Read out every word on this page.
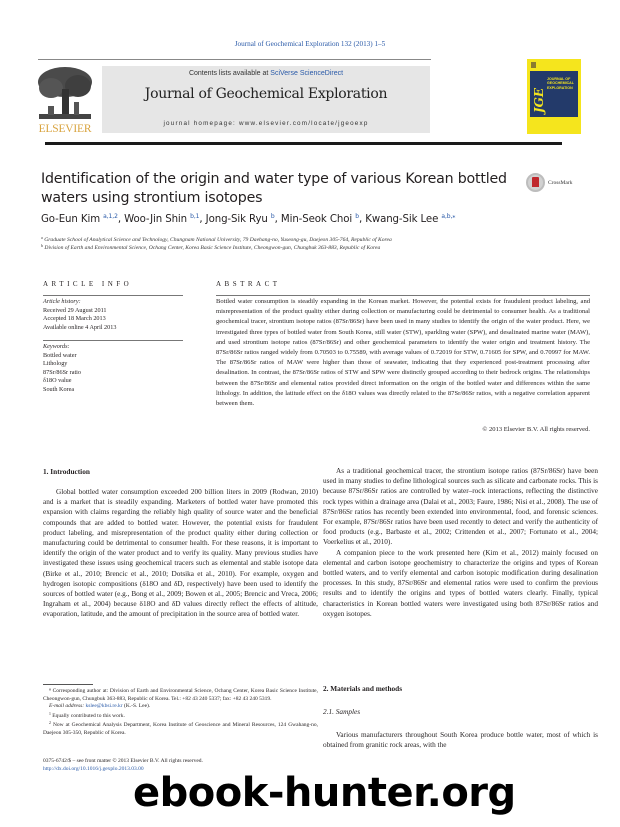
Journal of Geochemical Exploration 132 (2013) 1–5
ELSEVIER
Contents lists available at SciVerse ScienceDirect
Journal of Geochemical Exploration
journal homepage: www.elsevier.com/locate/jgeoexp
JGE
JOURNAL OF
GEOCHEMICAL
EXPLORATION
Identification of the origin and water type of various Korean bottled
waters using strontium isotopes
CrossMark
Go-Eun Kim $^{a,1,2}$, Woo-Jin Shin $^{b,1}$, Jong-Sik Ryu $^b$, Min-Seok Choi $^b$, Kwang-Sik Lee $^{a,b,⁎}$
$^a$ Graduate School of Analytical Science and Technology, Chungnam National University, 79 Daehang-no, Yuseong-gu, Daejeon 305-764, Republic of Korea
$^b$ Division of Earth and Environmental Science, Ochang Center, Korea Basic Science Institute, Cheongwon-gun, Chungbuk 363-883, Republic of Korea
ARTICLE INFO
Article history:
Received 29 August 2011
Accepted 18 March 2013
Available online 4 April 2013
Keywords:
Bottled water
Lithology
87Sr/86Sr ratio
δ18O value
South Korea
ABSTRACT
Bottled water consumption is steadily expanding in the Korean market. However, the potential exists for fraudulent product labeling, and misrepresentation of the product quality either during collection or manufacturing could be detrimental to consumer health. As a traditional geochemical tracer, strontium isotope ratios (87Sr/86Sr) have been used in many studies to identify the origin of the water product. Here, we investigated three types of bottled water from South Korea, still water (STW), sparkling water (SPW), and desalinated marine water (MAW), and used strontium isotope ratios (87Sr/86Sr) and other geochemical parameters to identify the water origin and treatment history. The 87Sr/86Sr ratios ranged widely from 0.70503 to 0.75589, with average values of 0.72019 for STW, 0.71605 for SPW, and 0.70997 for MAW. The 87Sr/86Sr ratios of MAW were higher than those of seawater, indicating that they experienced post-treatment processing after desalination. In contrast, the 87Sr/86Sr ratios of STW and SPW were distinctly grouped according to their bedrock origins. The relationships between the 87Sr/86Sr and elemental ratios provided direct information on the origin of the bottled water and differences within the same lithology. In addition, the latitude effect on the δ18O values was directly related to the 87Sr/86Sr ratios, with a negative correlation apparent between them.
© 2013 Elsevier B.V. All rights reserved.
1. Introduction

Global bottled water consumption exceeded 200 billion liters in 2009 (Rodwan, 2010) and is a market that is steadily expanding. Marketers of bottled water have promoted this expansion with claims regarding the reliably high quality of source water and the beneficial compounds that are added to bottled water. However, the potential exists for fraudulent product labeling, and misrepresentation of the product quality either during collection or manufacturing could be detrimental to consumer health. For these reasons, it is important to identify the origin of the water product and to verify its quality. Many previous studies have investigated these issues using geochemical tracers such as elemental and stable isotope data (Birke et al., 2010; Brencic et al., 2010; Dotsika et al., 2010). For example, oxygen and hydrogen isotopic compositions (δ18O and δD, respectively) have been used to identify the sources of bottled water (e.g., Bong et al., 2009; Bowen et al., 2005; Brencic and Vreca, 2006; Ingraham et al., 2004) because δ18O and δD values directly reflect the effects of altitude, evaporation, latitude, and the amount of precipitation in the source area of bottled water.

⁎ Corresponding author at: Division of Earth and Environmental Science, Ochang Center, Korea Basic Science Institute, Cheongwon-gun, Chungbuk 363-883, Republic of Korea. Tel.: +82 43 240 5337; fax: +82 43 240 5319.

E-mail address: kslee@kbsi.re.kr (K.-S. Lee).

$^1$ Equally contributed to this work.

$^2$ Now at Geochemical Analysis Department, Korea Institute of Geoscience and Mineral Resources, 124 Gwahang-no, Daejeon 305-350, Republic of Korea.

0375-6742/$ – see front matter © 2013 Elsevier B.V. All rights reserved.
http://dx.doi.org/10.1016/j.gexplo.2013.03.00

As a traditional geochemical tracer, the strontium isotope ratios (87Sr/86Sr) have been used in many studies to define lithological sources such as silicate and carbonate rocks. This is because 87Sr/86Sr ratios are controlled by water–rock interactions, reflecting the distinctive rock types within a drainage area (Dalai et al., 2003; Faure, 1986; Nisi et al., 2008). The use of 87Sr/86Sr ratios has recently been extended into environmental, food, and forensic sciences. For example, 87Sr/86Sr ratios have been used recently to detect and verify the authenticity of food products (e.g., Barbaste et al., 2002; Crittenden et al., 2007; Fortunato et al., 2004; Voerkelius et al., 2010).

A companion piece to the work presented here (Kim et al., 2012) mainly focused on elemental and carbon isotope geochemistry to characterize the origins and types of Korean bottled waters, and to verify elemental and carbon isotopic modification during desalination processes. In this study, 87Sr/86Sr and elemental ratios were used to confirm the previous results and to identify the origins and types of bottled waters clearly. Finally, typical characteristics in Korean bottled waters were investigated using both 87Sr/86Sr ratios and oxygen isotopes.

2. Materials and methods
2.1. Samples

Various manufacturers throughout South Korea produce bottle water, most of which is obtained from granitic rock areas, with the

ebook-hunter.org
